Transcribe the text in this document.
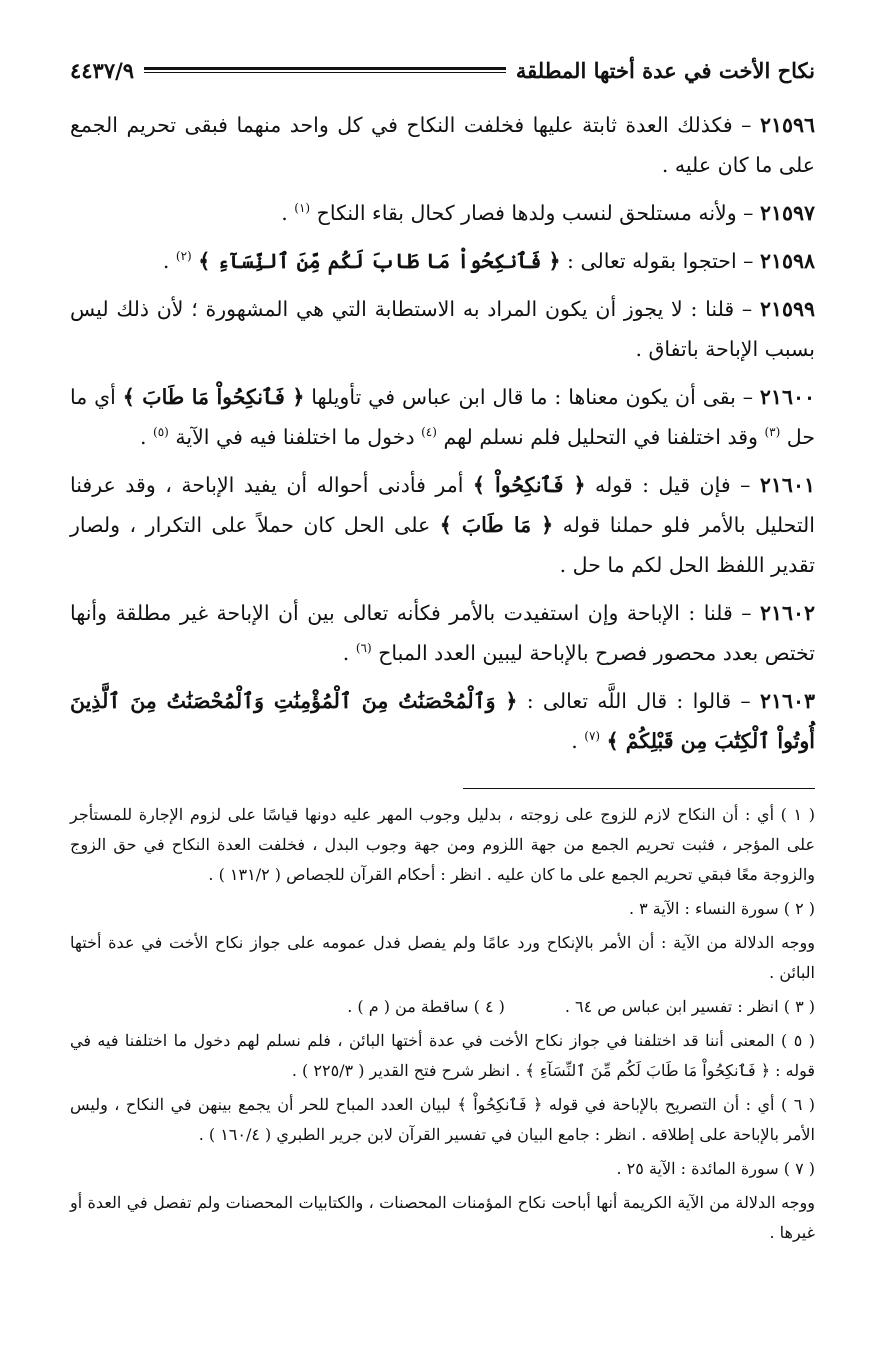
نكاح الأخت في عدة أختها المطلقة
٤٤٣٧/٩

٢١٥٩٦ – فكذلك العدة ثابتة عليها فخلفت النكاح في كل واحد منهما فبقى تحريم الجمع على ما كان عليه .

٢١٥٩٧ – ولأنه مستلحق لنسب ولدها فصار كحال بقاء النكاح $^{(١)}$ .

٢١٥٩٨ – احتجوا بقوله تعالى : ﴿ فَٱنكِحُواْ مَا طَابَ لَكُم مِّنَ ٱلنِّسَآءِ ﴾ $^{(٢)}$ .

٢١٥٩٩ – قلنا : لا يجوز أن يكون المراد به الاستطابة التي هي المشهورة ؛ لأن ذلك ليس بسبب الإباحة باتفاق .

٢١٦٠٠ – بقى أن يكون معناها : ما قال ابن عباس في تأويلها ﴿ فَٱنكِحُواْ مَا طَابَ ﴾ أي ما حل $^{(٣)}$ وقد اختلفنا في التحليل فلم نسلم لهم $^{(٤)}$ دخول ما اختلفنا فيه في الآية $^{(٥)}$ .

٢١٦٠١ – فإن قيل : قوله ﴿ فَٱنكِحُواْ ﴾ أمر فأدنى أحواله أن يفيد الإباحة ، وقد عرفنا التحليل بالأمر فلو حملنا قوله ﴿ مَا طَابَ ﴾ على الحل كان حملاً على التكرار ، ولصار تقدير اللفظ الحل لكم ما حل .

٢١٦٠٢ – قلنا : الإباحة وإن استفيدت بالأمر فكأنه تعالى بين أن الإباحة غير مطلقة وأنها تختص بعدد محصور فصرح بالإباحة ليبين العدد المباح $^{(٦)}$ .

٢١٦٠٣ – قالوا : قال اللَّه تعالى : ﴿ وَٱلْمُحْصَنَٰتُ مِنَ ٱلْمُؤْمِنَٰتِ وَٱلْمُحْصَنَٰتُ مِنَ ٱلَّذِينَ أُوتُواْ ٱلْكِتَٰبَ مِن قَبْلِكُمْ ﴾ $^{(٧)}$ .

( ١ ) أي : أن النكاح لازم للزوج على زوجته ، بدليل وجوب المهر عليه دونها قياسًا على لزوم الإجارة للمستأجر على المؤجر ، فثبت تحريم الجمع من جهة اللزوم ومن جهة وجوب البدل ، فخلفت العدة النكاح في حق الزوج والزوجة معًا فبقي تحريم الجمع على ما كان عليه . انظر : أحكام القرآن للجصاص ( ١٣١/٢ ) .

( ٢ ) سورة النساء : الآية ٣ .

ووجه الدلالة من الآية : أن الأمر بالإنكاح ورد عامًا ولم يفصل فدل عمومه على جواز نكاح الأخت في عدة أختها البائن .

( ٣ ) انظر : تفسير ابن عباس ص ٦٤ .
( ٤ ) ساقطة من ( م ) .

( ٥ ) المعنى أننا قد اختلفنا في جواز نكاح الأخت في عدة أختها البائن ، فلم نسلم لهم دخول ما اختلفنا فيه في قوله : ﴿ فَٱنكِحُواْ مَا طَابَ لَكُم مِّنَ ٱلنِّسَآءِ ﴾ . انظر شرح فتح القدير ( ٢٢٥/٣ ) .

( ٦ ) أي : أن التصريح بالإباحة في قوله ﴿ فَٱنكِحُواْ ﴾ لبيان العدد المباح للحر أن يجمع بينهن في النكاح ، وليس الأمر بالإباحة على إطلاقه . انظر : جامع البيان في تفسير القرآن لابن جرير الطبري ( ١٦٠/٤ ) .

( ٧ ) سورة المائدة : الآية ٢٥ .

ووجه الدلالة من الآية الكريمة أنها أباحت نكاح المؤمنات المحصنات ، والكتابيات المحصنات ولم تفصل في العدة أو غيرها .
